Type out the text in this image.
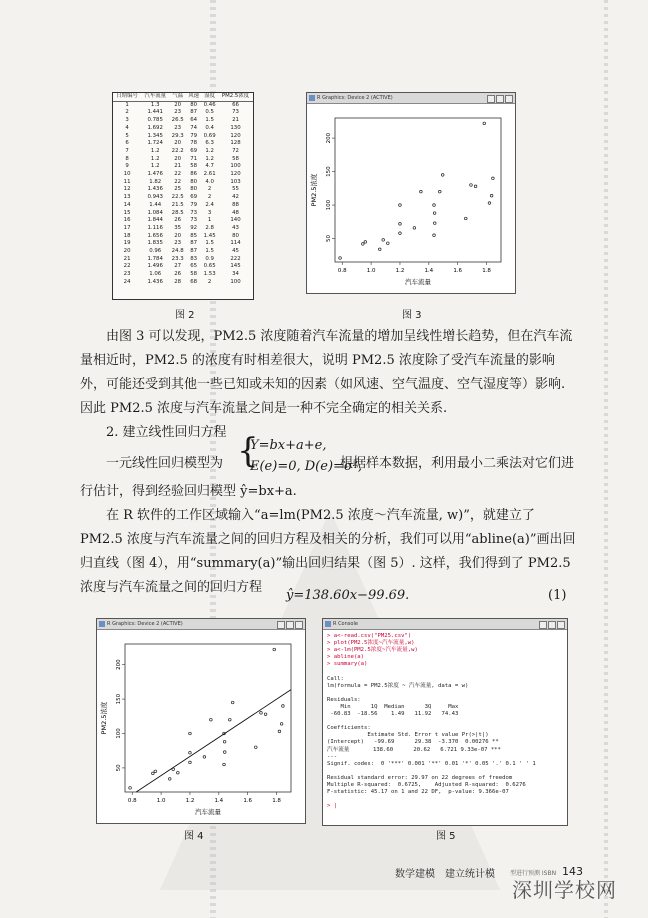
日期编号	汽车流量	气温	风速	湿度	PM2.5浓度
1	1.3	20	80	0.46	66
2	1.441	23	87	0.5	73
3	0.785	26.5	64	1.5	21
4	1.692	23	74	0.4	130
5	1.345	29.3	79	0.69	120
6	1.724	20	78	6.3	128
7	1.2	22.2	69	1.2	72
8	1.2	20	71	1.2	58
9	1.2	21	58	4.7	100
10	1.476	22	86	2.61	120
11	1.82	22	80	4.0	103
12	1.436	25	80	2	55
13	0.943	22.5	69	2	42
14	1.44	21.5	79	2.4	88
15	1.084	28.5	73	3	48
16	1.844	26	73	1	140
17	1.116	35	92	2.8	43
18	1.656	20	85	1.45	80
19	1.835	23	87	1.5	114
20	0.96	24.8	87	1.5	45
21	1.784	23.3	83	0.9	222
22	1.496	27	65	0.65	145
23	1.06	26	58	1.53	34
24	1.436	28	68	2	100
图 2
R Graphics: Device 2 (ACTIVE)
0.8	1.0	1.2	1.4	1.6	1.8
50
100
150
200
汽车流量
PM2.5浓度
图 3
由图 3 可以发现，PM2.5 浓度随着汽车流量的增加呈线性增长趋势，但在汽车流量相近时，PM2.5 的浓度有时相差很大，说明 PM2.5 浓度除了受汽车流量的影响外，可能还受到其他一些已知或未知的因素（如风速、空气温度、空气湿度等）影响. 因此 PM2.5 浓度与汽车流量之间是一种不完全确定的相关关系.
2. 建立线性回归方程
一元线性回归模型为 {
Y=bx+a+e,
E(e)=0, D(e)=σ²,
根据样本数据，利用最小二乘法对它们进
行估计，得到经验回归模型 ŷ=bx+a.
在 R 软件的工作区域输入“a=lm(PM2.5 浓度～汽车流量, w)”，就建立了 PM2.5 浓度与汽车流量之间的回归方程及相关的分析，我们可以用“abline(a)”画出回归直线（图 4），用“summary(a)”输出回归结果（图 5）. 这样，我们得到了 PM2.5 浓度与汽车流量之间的回归方程
ŷ=138.60x−99.69.	(1)
R Graphics: Device 2 (ACTIVE)
0.8	1.0	1.2	1.4	1.6	1.8
50
100
150
200
汽车流量
PM2.5浓度
图 4
R Console
> a<-read.csv("PM25.csv")
> plot(PM2.5浓度~汽车流量,w)
> a<-lm(PM2.5浓度~汽车流量,w)
> abline(a)
> summary(a)

Call:
lm(formula = PM2.5浓度 ~ 汽车流量, data = w)

Residuals:
Min      1Q  Median      3Q     Max
-60.83  -18.56    1.49   11.92   74.43

Coefficients:
Estimate Std. Error t value Pr(>|t|)
(Intercept)   -99.69      29.38  -3.370  0.00276 **
汽车流量       138.60      20.62   6.721 9.33e-07 ***
---
Signif. codes:  0 '***' 0.001 '**' 0.01 '*' 0.05 '.' 0.1 ' ' 1

Residual standard error: 29.97 on 22 degrees of freedom
Multiple R-squared:  0.6725,    Adjusted R-squared:  0.6276
F-statistic: 45.17 on 1 and 22 DF,  p-value: 9.366e-07

> |
图 5
数学建模　建立统计模	型进行预测 ISBN 143
深圳学校网
